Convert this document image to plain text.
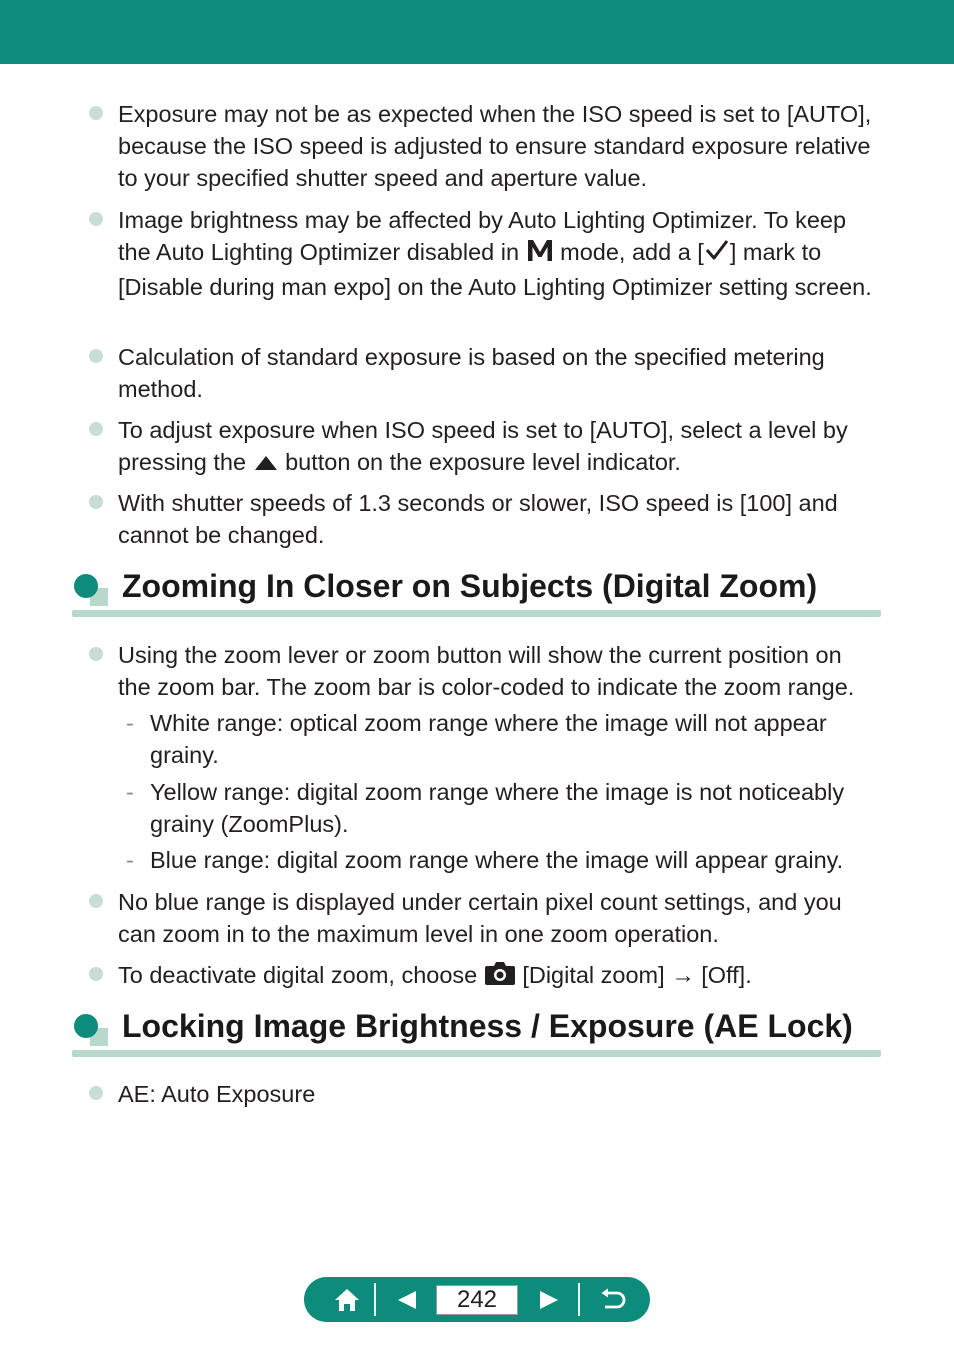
Exposure may not be as expected when the ISO speed is set to [AUTO], because the ISO speed is adjusted to ensure standard exposure relative to your specified shutter speed and aperture value.
Image brightness may be affected by Auto Lighting Optimizer. To keep the Auto Lighting Optimizer disabled in mode, add a [ ] mark to [Disable during man expo] on the Auto Lighting Optimizer setting screen.
Calculation of standard exposure is based on the specified metering method.
To adjust exposure when ISO speed is set to [AUTO], select a level by pressing the button on the exposure level indicator.
With shutter speeds of 1.3 seconds or slower, ISO speed is [100] and cannot be changed.
Zooming In Closer on Subjects (Digital Zoom)
Using the zoom lever or zoom button will show the current position on the zoom bar. The zoom bar is color-coded to indicate the zoom range.
- White range: optical zoom range where the image will not appear grainy.
- Yellow range: digital zoom range where the image is not noticeably grainy (ZoomPlus).
- Blue range: digital zoom range where the image will appear grainy.
No blue range is displayed under certain pixel count settings, and you can zoom in to the maximum level in one zoom operation.
To deactivate digital zoom, choose [Digital zoom] → [Off].
Locking Image Brightness / Exposure (AE Lock)
AE: Auto Exposure
242
